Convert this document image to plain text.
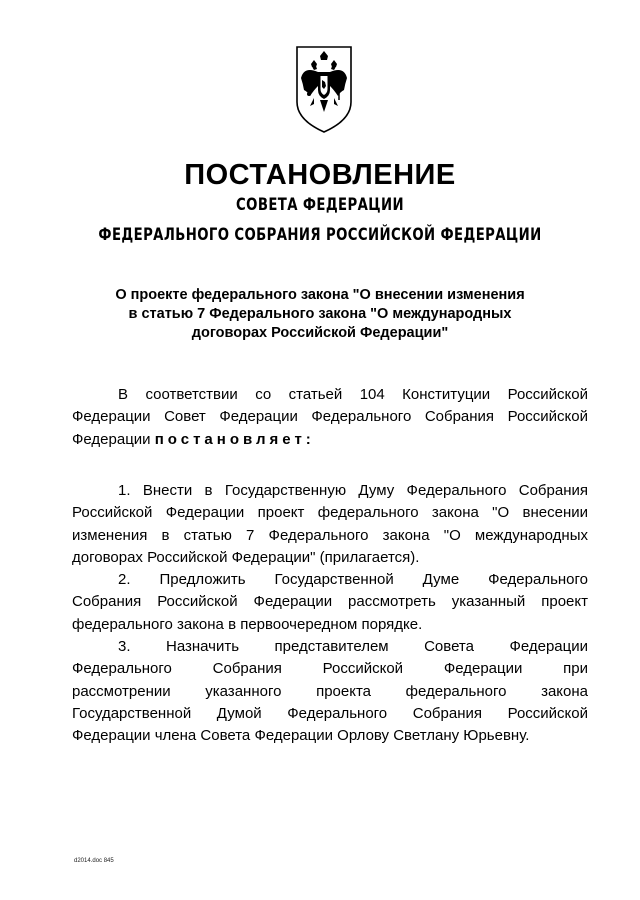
ПОСТАНОВЛЕНИЕ
СОВЕТА ФЕДЕРАЦИИ
ФЕДЕРАЛЬНОГО СОБРАНИЯ РОССИЙСКОЙ ФЕДЕРАЦИИ
О проекте федерального закона "О внесении изменения
в статью 7 Федерального закона "О международных
договорах Российской Федерации"
В соответствии со статьей 104 Конституции Российской
Федерации Совет Федерации Федерального Собрания Российской
Федерации постановляет:
1. Внести в Государственную Думу Федерального Собрания
Российской Федерации проект федерального закона "О внесении
изменения в статью 7 Федерального закона "О международных
договорах Российской Федерации" (прилагается).
2. Предложить Государственной Думе Федерального
Собрания Российской Федерации рассмотреть указанный проект
федерального закона в первоочередном порядке.
3. Назначить представителем Совета Федерации
Федерального Собрания Российской Федерации при
рассмотрении указанного проекта федерального закона
Государственной Думой Федерального Собрания Российской
Федерации члена Совета Федерации Орлову Светлану Юрьевну.
d2014.doc 845
